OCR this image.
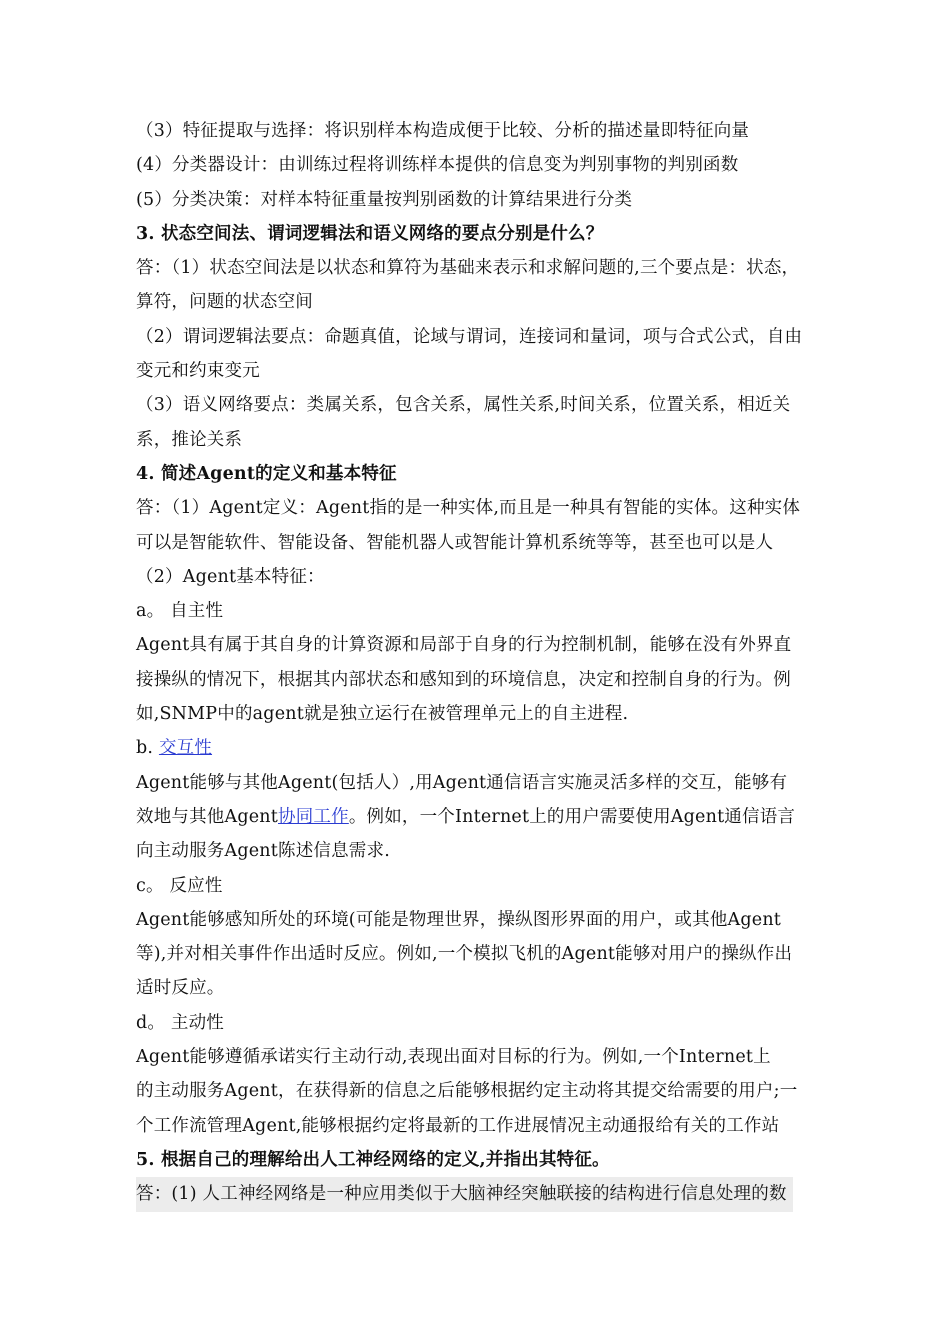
（3）特征提取与选择：将识别样本构造成便于比较、分析的描述量即特征向量
(4）分类器设计：由训练过程将训练样本提供的信息变为判别事物的判别函数
(5）分类决策：对样本特征重量按判别函数的计算结果进行分类
3. 状态空间法、谓词逻辑法和语义网络的要点分别是什么？
答：（1）状态空间法是以状态和算符为基础来表示和求解问题的,三个要点是：状态，
算符，问题的状态空间
（2）谓词逻辑法要点：命题真值，论域与谓词，连接词和量词，项与合式公式，自由
变元和约束变元
（3）语义网络要点：类属关系，包含关系，属性关系,时间关系，位置关系，相近关
系，推论关系
4. 简述Agent的定义和基本特征
答：（1）Agent定义：Agent指的是一种实体,而且是一种具有智能的实体。这种实体
可以是智能软件、智能设备、智能机器人或智能计算机系统等等，甚至也可以是人
（2）Agent基本特征：
a。 自主性
Agent具有属于其自身的计算资源和局部于自身的行为控制机制，能够在没有外界直
接操纵的情况下，根据其内部状态和感知到的环境信息，决定和控制自身的行为。例
如,SNMP中的agent就是独立运行在被管理单元上的自主进程.
b. 交互性
Agent能够与其他Agent(包括人）,用Agent通信语言实施灵活多样的交互，能够有
效地与其他Agent协同工作。例如，一个Internet上的用户需要使用Agent通信语言
向主动服务Agent陈述信息需求.
c。 反应性
Agent能够感知所处的环境(可能是物理世界，操纵图形界面的用户，或其他Agent
等),并对相关事件作出适时反应。例如,一个模拟飞机的Agent能够对用户的操纵作出
适时反应。
d。 主动性
Agent能够遵循承诺实行主动行动,表现出面对目标的行为。例如,一个Internet上
的主动服务Agent，在获得新的信息之后能够根据约定主动将其提交给需要的用户;一
个工作流管理Agent,能够根据约定将最新的工作进展情况主动通报给有关的工作站
5. 根据自己的理解给出人工神经网络的定义,并指出其特征。
答：(1) 人工神经网络是一种应用类似于大脑神经突触联接的结构进行信息处理的数
